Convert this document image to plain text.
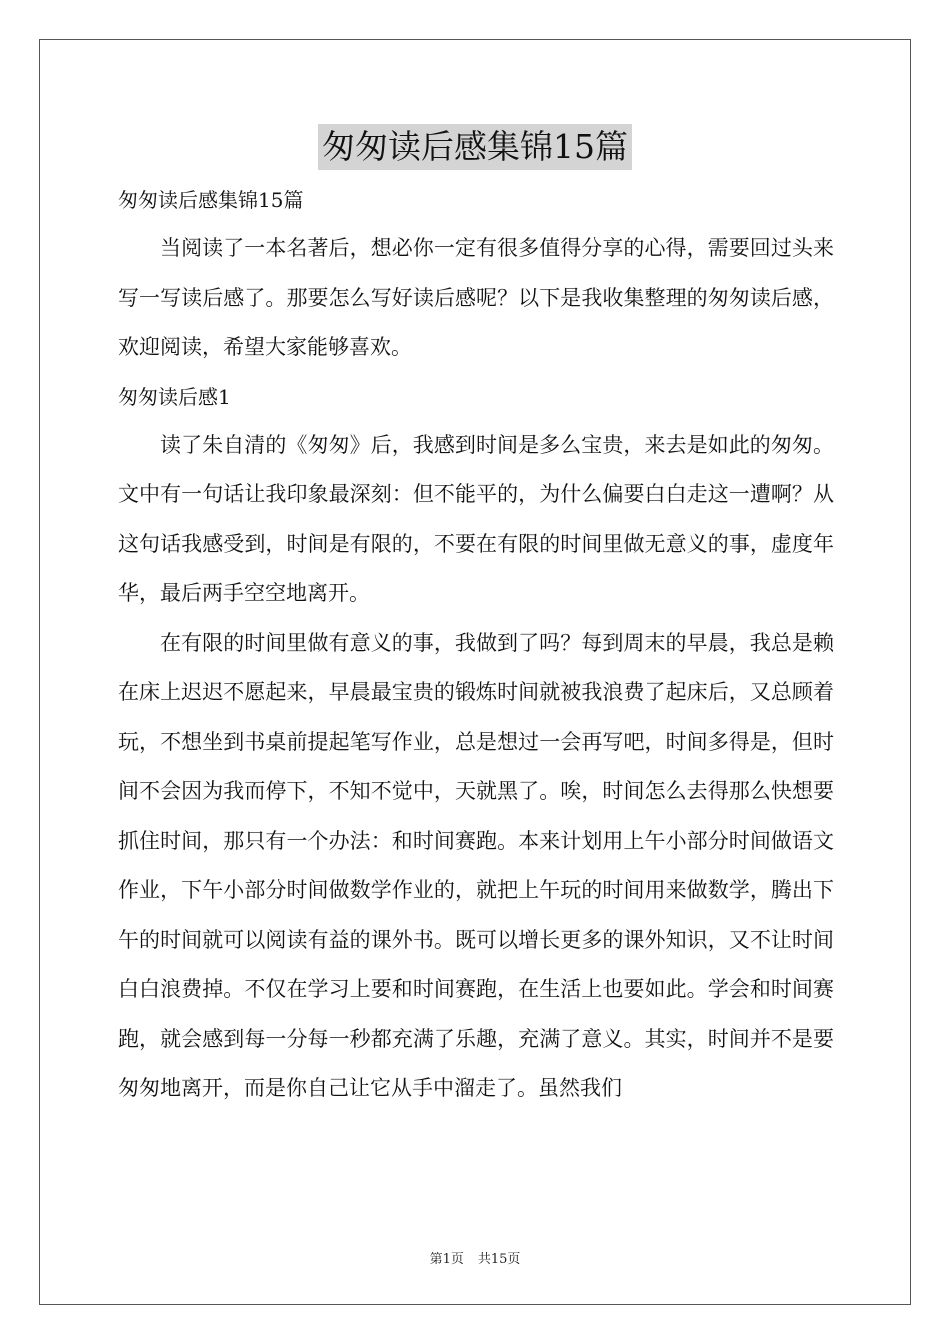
匆匆读后感集锦15篇

匆匆读后感集锦15篇

当阅读了一本名著后，想必你一定有很多值得分享的心得，需要回过头来写一写读后感了。那要怎么写好读后感呢？以下是我收集整理的匆匆读后感，欢迎阅读，希望大家能够喜欢。

匆匆读后感1

读了朱自清的《匆匆》后，我感到时间是多么宝贵，来去是如此的匆匆。文中有一句话让我印象最深刻：但不能平的，为什么偏要白白走这一遭啊？从这句话我感受到，时间是有限的，不要在有限的时间里做无意义的事，虚度年华，最后两手空空地离开。

在有限的时间里做有意义的事，我做到了吗？每到周末的早晨，我总是赖在床上迟迟不愿起来，早晨最宝贵的锻炼时间就被我浪费了起床后，又总顾着玩，不想坐到书桌前提起笔写作业，总是想过一会再写吧，时间多得是，但时间不会因为我而停下，不知不觉中，天就黑了。唉，时间怎么去得那么快想要抓住时间，那只有一个办法：和时间赛跑。本来计划用上午小部分时间做语文作业，下午小部分时间做数学作业的，就把上午玩的时间用来做数学，腾出下午的时间就可以阅读有益的课外书。既可以增长更多的课外知识，又不让时间白白浪费掉。不仅在学习上要和时间赛跑，在生活上也要如此。学会和时间赛跑，就会感到每一分每一秒都充满了乐趣，充满了意义。其实，时间并不是要匆匆地离开，而是你自己让它从手中溜走了。虽然我们

第1页 共15页
